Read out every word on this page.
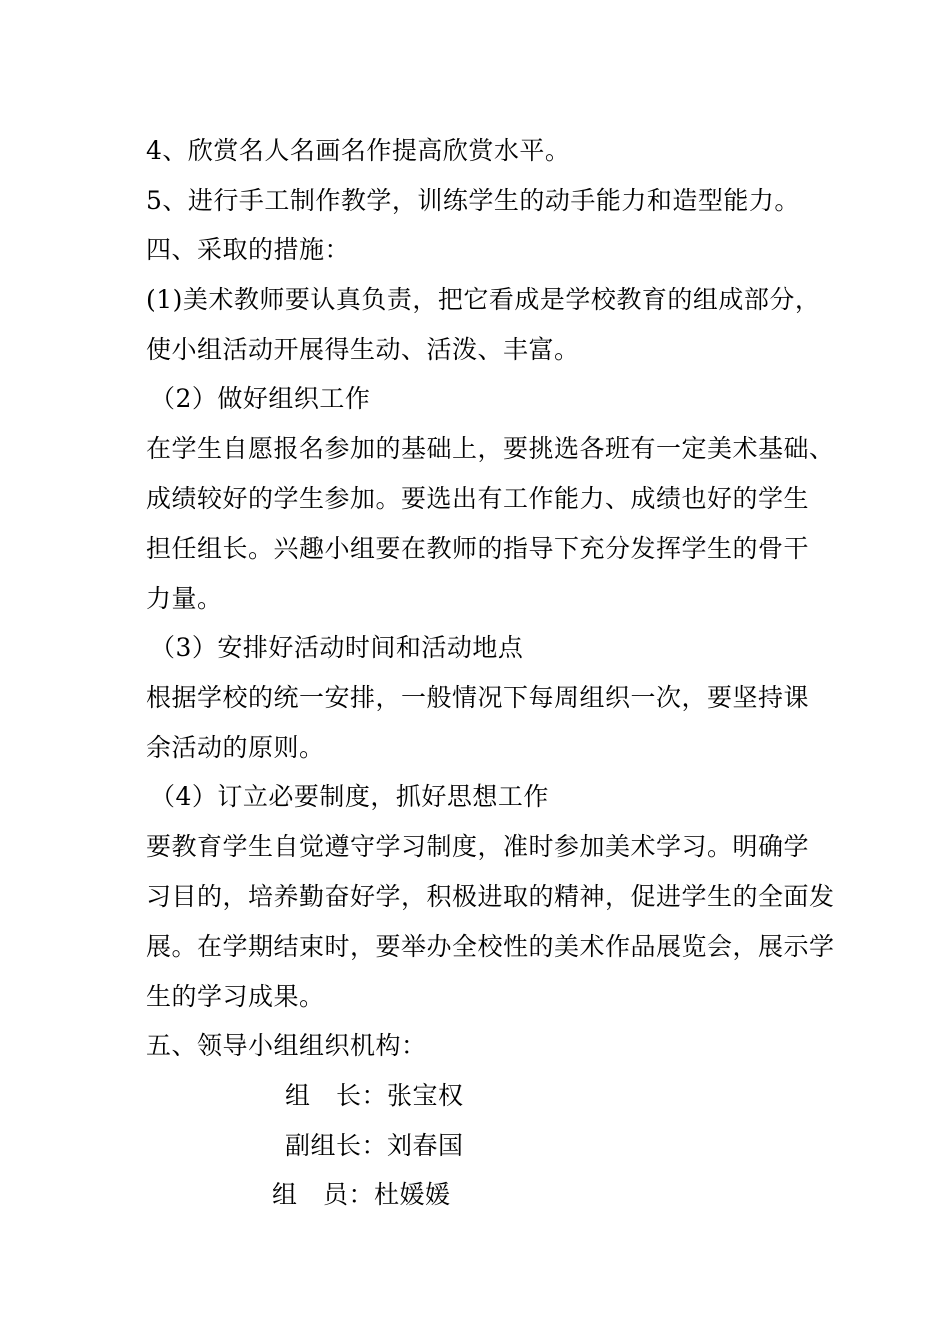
4、欣赏名人名画名作提高欣赏水平。
5、进行手工制作教学，训练学生的动手能力和造型能力。
四、采取的措施：
(1)美术教师要认真负责，把它看成是学校教育的组成部分，
使小组活动开展得生动、活泼、丰富。
（2）做好组织工作
在学生自愿报名参加的基础上，要挑选各班有一定美术基础、
成绩较好的学生参加。要选出有工作能力、成绩也好的学生
担任组长。兴趣小组要在教师的指导下充分发挥学生的骨干
力量。
（3）安排好活动时间和活动地点
根据学校的统一安排，一般情况下每周组织一次，要坚持课
余活动的原则。
（4）订立必要制度，抓好思想工作
要教育学生自觉遵守学习制度，准时参加美术学习。明确学
习目的，培养勤奋好学，积极进取的精神，促进学生的全面发
展。在学期结束时，要举办全校性的美术作品展览会，展示学
生的学习成果。
五、领导小组组织机构：
组　长：张宝权
副组长：刘春国
组　员：杜媛媛
